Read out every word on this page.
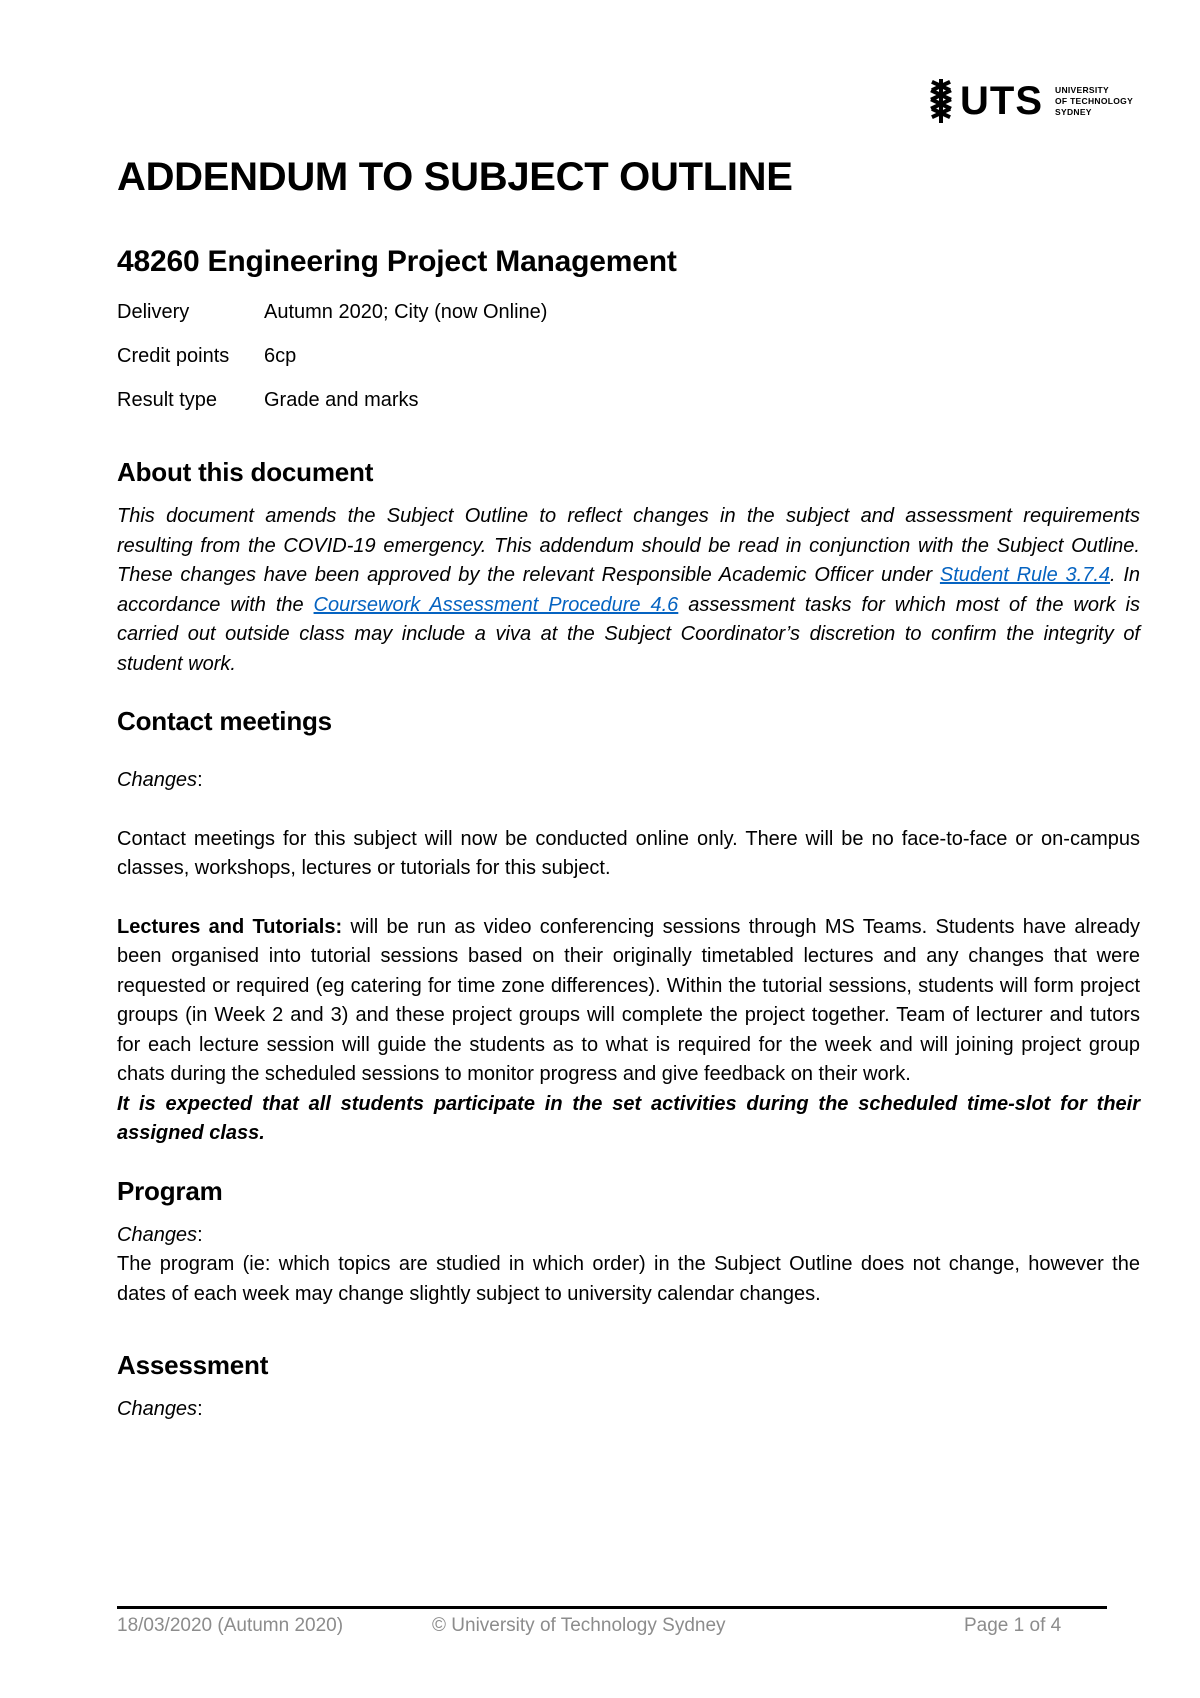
UTS UNIVERSITY
OF TECHNOLOGY
SYDNEY
ADDENDUM TO SUBJECT OUTLINE
48260 Engineering Project Management
Delivery	Autumn 2020; City (now Online)
Credit points	6cp
Result type	Grade and marks
About this document

This document amends the Subject Outline to reflect changes in the subject and assessment requirements resulting from the COVID-19 emergency. This addendum should be read in conjunction with the Subject Outline. These changes have been approved by the relevant Responsible Academic Officer under Student Rule 3.7.4. In accordance with the Coursework Assessment Procedure 4.6 assessment tasks for which most of the work is carried out outside class may include a viva at the Subject Coordinator’s discretion to confirm the integrity of student work.

Contact meetings

Changes:

Contact meetings for this subject will now be conducted online only. There will be no face-to-face or on-campus classes, workshops, lectures or tutorials for this subject.

Lectures and Tutorials: will be run as video conferencing sessions through MS Teams. Students have already been organised into tutorial sessions based on their originally timetabled lectures and any changes that were requested or required (eg catering for time zone differences). Within the tutorial sessions, students will form project groups (in Week 2 and 3) and these project groups will complete the project together. Team of lecturer and tutors for each lecture session will guide the students as to what is required for the week and will joining project group chats during the scheduled sessions to monitor progress and give feedback on their work.

It is expected that all students participate in the set activities during the scheduled time-slot for their assigned class.

Program

Changes:

The program (ie: which topics are studied in which order) in the Subject Outline does not change, however the dates of each week may change slightly subject to university calendar changes.

Assessment

Changes:

18/03/2020 (Autumn 2020)	© University of Technology Sydney	Page 1 of 4
